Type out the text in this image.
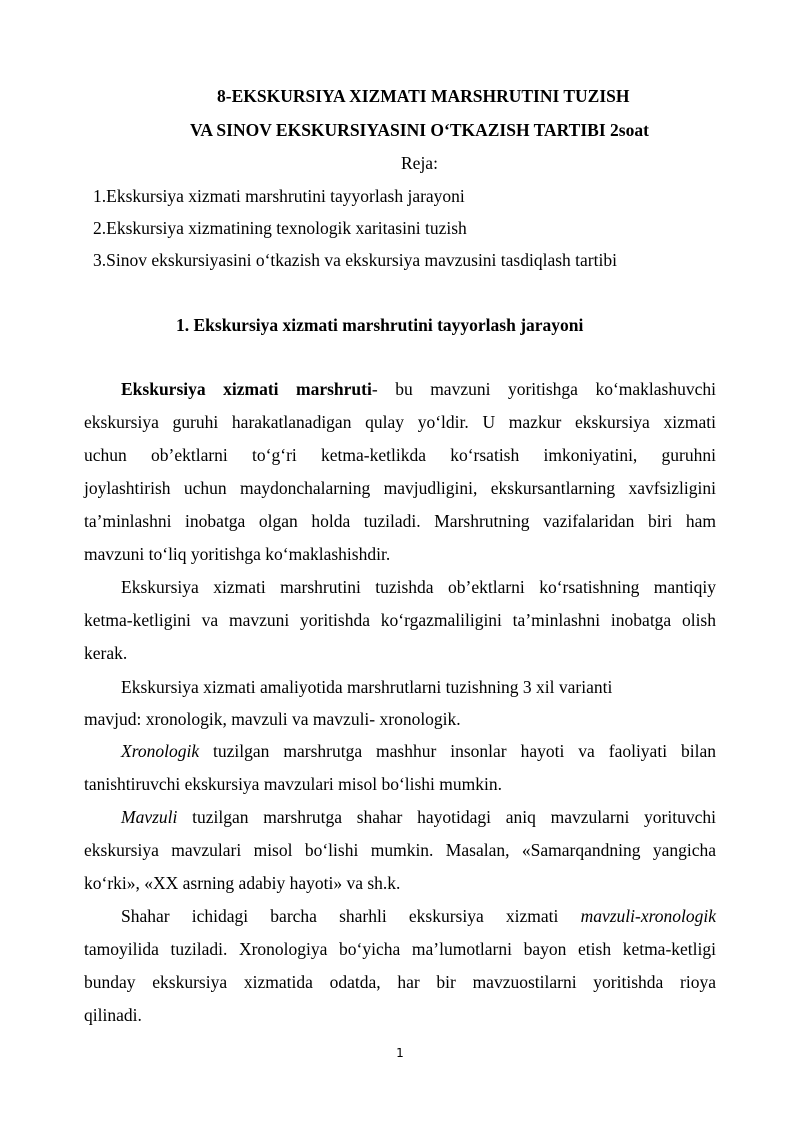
8-EKSKURSIYA XIZMATI MARSHRUTINI TUZISH
VA SINOV EKSKURSIYASINI O‘TKAZISH TARTIBI 2soat
Reja:
1.Ekskursiya xizmati marshrutini tayyorlash jarayoni
2.Ekskursiya xizmatining texnologik xaritasini tuzish
3.Sinov ekskursiyasini o‘tkazish va ekskursiya mavzusini tasdiqlash tartibi
1. Ekskursiya xizmati marshrutini tayyorlash jarayoni
Ekskursiya xizmati marshruti- bu mavzuni yoritishga ko‘maklashuvchi
ekskursiya guruhi harakatlanadigan qulay yo‘ldir. U mazkur ekskursiya xizmati
uchun ob’ektlarni to‘g‘ri ketma-ketlikda ko‘rsatish imkoniyatini, guruhni
joylashtirish uchun maydonchalarning mavjudligini, ekskursantlarning xavfsizligini
ta’minlashni inobatga olgan holda tuziladi. Marshrutning vazifalaridan biri ham
mavzuni to‘liq yoritishga ko‘maklashishdir.
Ekskursiya xizmati marshrutini tuzishda ob’ektlarni ko‘rsatishning mantiqiy
ketma-ketligini va mavzuni yoritishda ko‘rgazmaliligini ta’minlashni inobatga olish
kerak.
Ekskursiya xizmati amaliyotida marshrutlarni tuzishning 3 xil varianti
mavjud: xronologik, mavzuli va mavzuli- xronologik.
Xronologik tuzilgan marshrutga mashhur insonlar hayoti va faoliyati bilan
tanishtiruvchi ekskursiya mavzulari misol bo‘lishi mumkin.
Mavzuli tuzilgan marshrutga shahar hayotidagi aniq mavzularni yorituvchi
ekskursiya mavzulari misol bo‘lishi mumkin. Masalan, «Samarqandning yangicha
ko‘rki», «XX asrning adabiy hayoti» va sh.k.
Shahar ichidagi barcha sharhli ekskursiya xizmati mavzuli-xronologik
tamoyilida tuziladi. Xronologiya bo‘yicha ma’lumotlarni bayon etish ketma-ketligi
bunday ekskursiya xizmatida odatda, har bir mavzuostilarni yoritishda rioya
qilinadi.
1
